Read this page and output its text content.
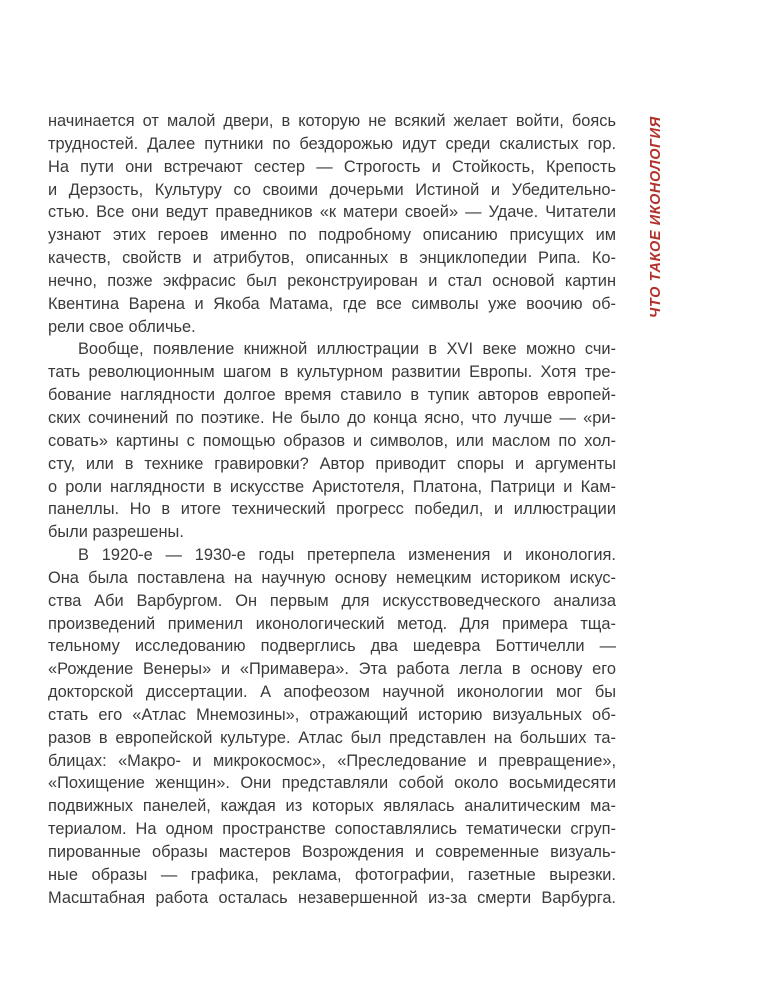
ЧТО ТАКОЕ ИКОНОЛОГИЯ
начинается от малой двери, в которую не всякий желает войти, боясь
трудностей. Далее путники по бездорожью идут среди скалистых гор.
На пути они встречают сестер — Строгость и Стойкость, Крепость
и Дерзость, Культуру со своими дочерьми Истиной и Убедительно-
стью. Все они ведут праведников «к матери своей» — Удаче. Читатели
узнают этих героев именно по подробному описанию присущих им
качеств, свойств и атрибутов, описанных в энциклопедии Рипа. Ко-
нечно, позже экфрасис был реконструирован и стал основой картин
Квентина Варена и Якоба Матама, где все символы уже воочию об-
рели свое обличье.
Вообще, появление книжной иллюстрации в XVI веке можно счи-
тать революционным шагом в культурном развитии Европы. Хотя тре-
бование наглядности долгое время ставило в тупик авторов европей-
ских сочинений по поэтике. Не было до конца ясно, что лучше — «ри-
совать» картины с помощью образов и символов, или маслом по хол-
сту, или в технике гравировки? Автор приводит споры и аргументы
о роли наглядности в искусстве Аристотеля, Платона, Патрици и Кам-
панеллы. Но в итоге технический прогресс победил, и иллюстрации
были разрешены.
В 1920-е — 1930-е годы претерпела изменения и иконология.
Она была поставлена на научную основу немецким историком искус-
ства Аби Варбургом. Он первым для искусствоведческого анализа
произведений применил иконологический метод. Для примера тща-
тельному исследованию подверглись два шедевра Боттичелли —
«Рождение Венеры» и «Примавера». Эта работа легла в основу его
докторской диссертации. А апофеозом научной иконологии мог бы
стать его «Атлас Мнемозины», отражающий историю визуальных об-
разов в европейской культуре. Атлас был представлен на больших та-
блицах: «Макро- и микрокосмос», «Преследование и превращение»,
«Похищение женщин». Они представляли собой около восьмидесяти
подвижных панелей, каждая из которых являлась аналитическим ма-
териалом. На одном пространстве сопоставлялись тематически сгруп-
пированные образы мастеров Возрождения и современные визуаль-
ные образы — графика, реклама, фотографии, газетные вырезки.
Масштабная работа осталась незавершенной из-за смерти Варбурга.
